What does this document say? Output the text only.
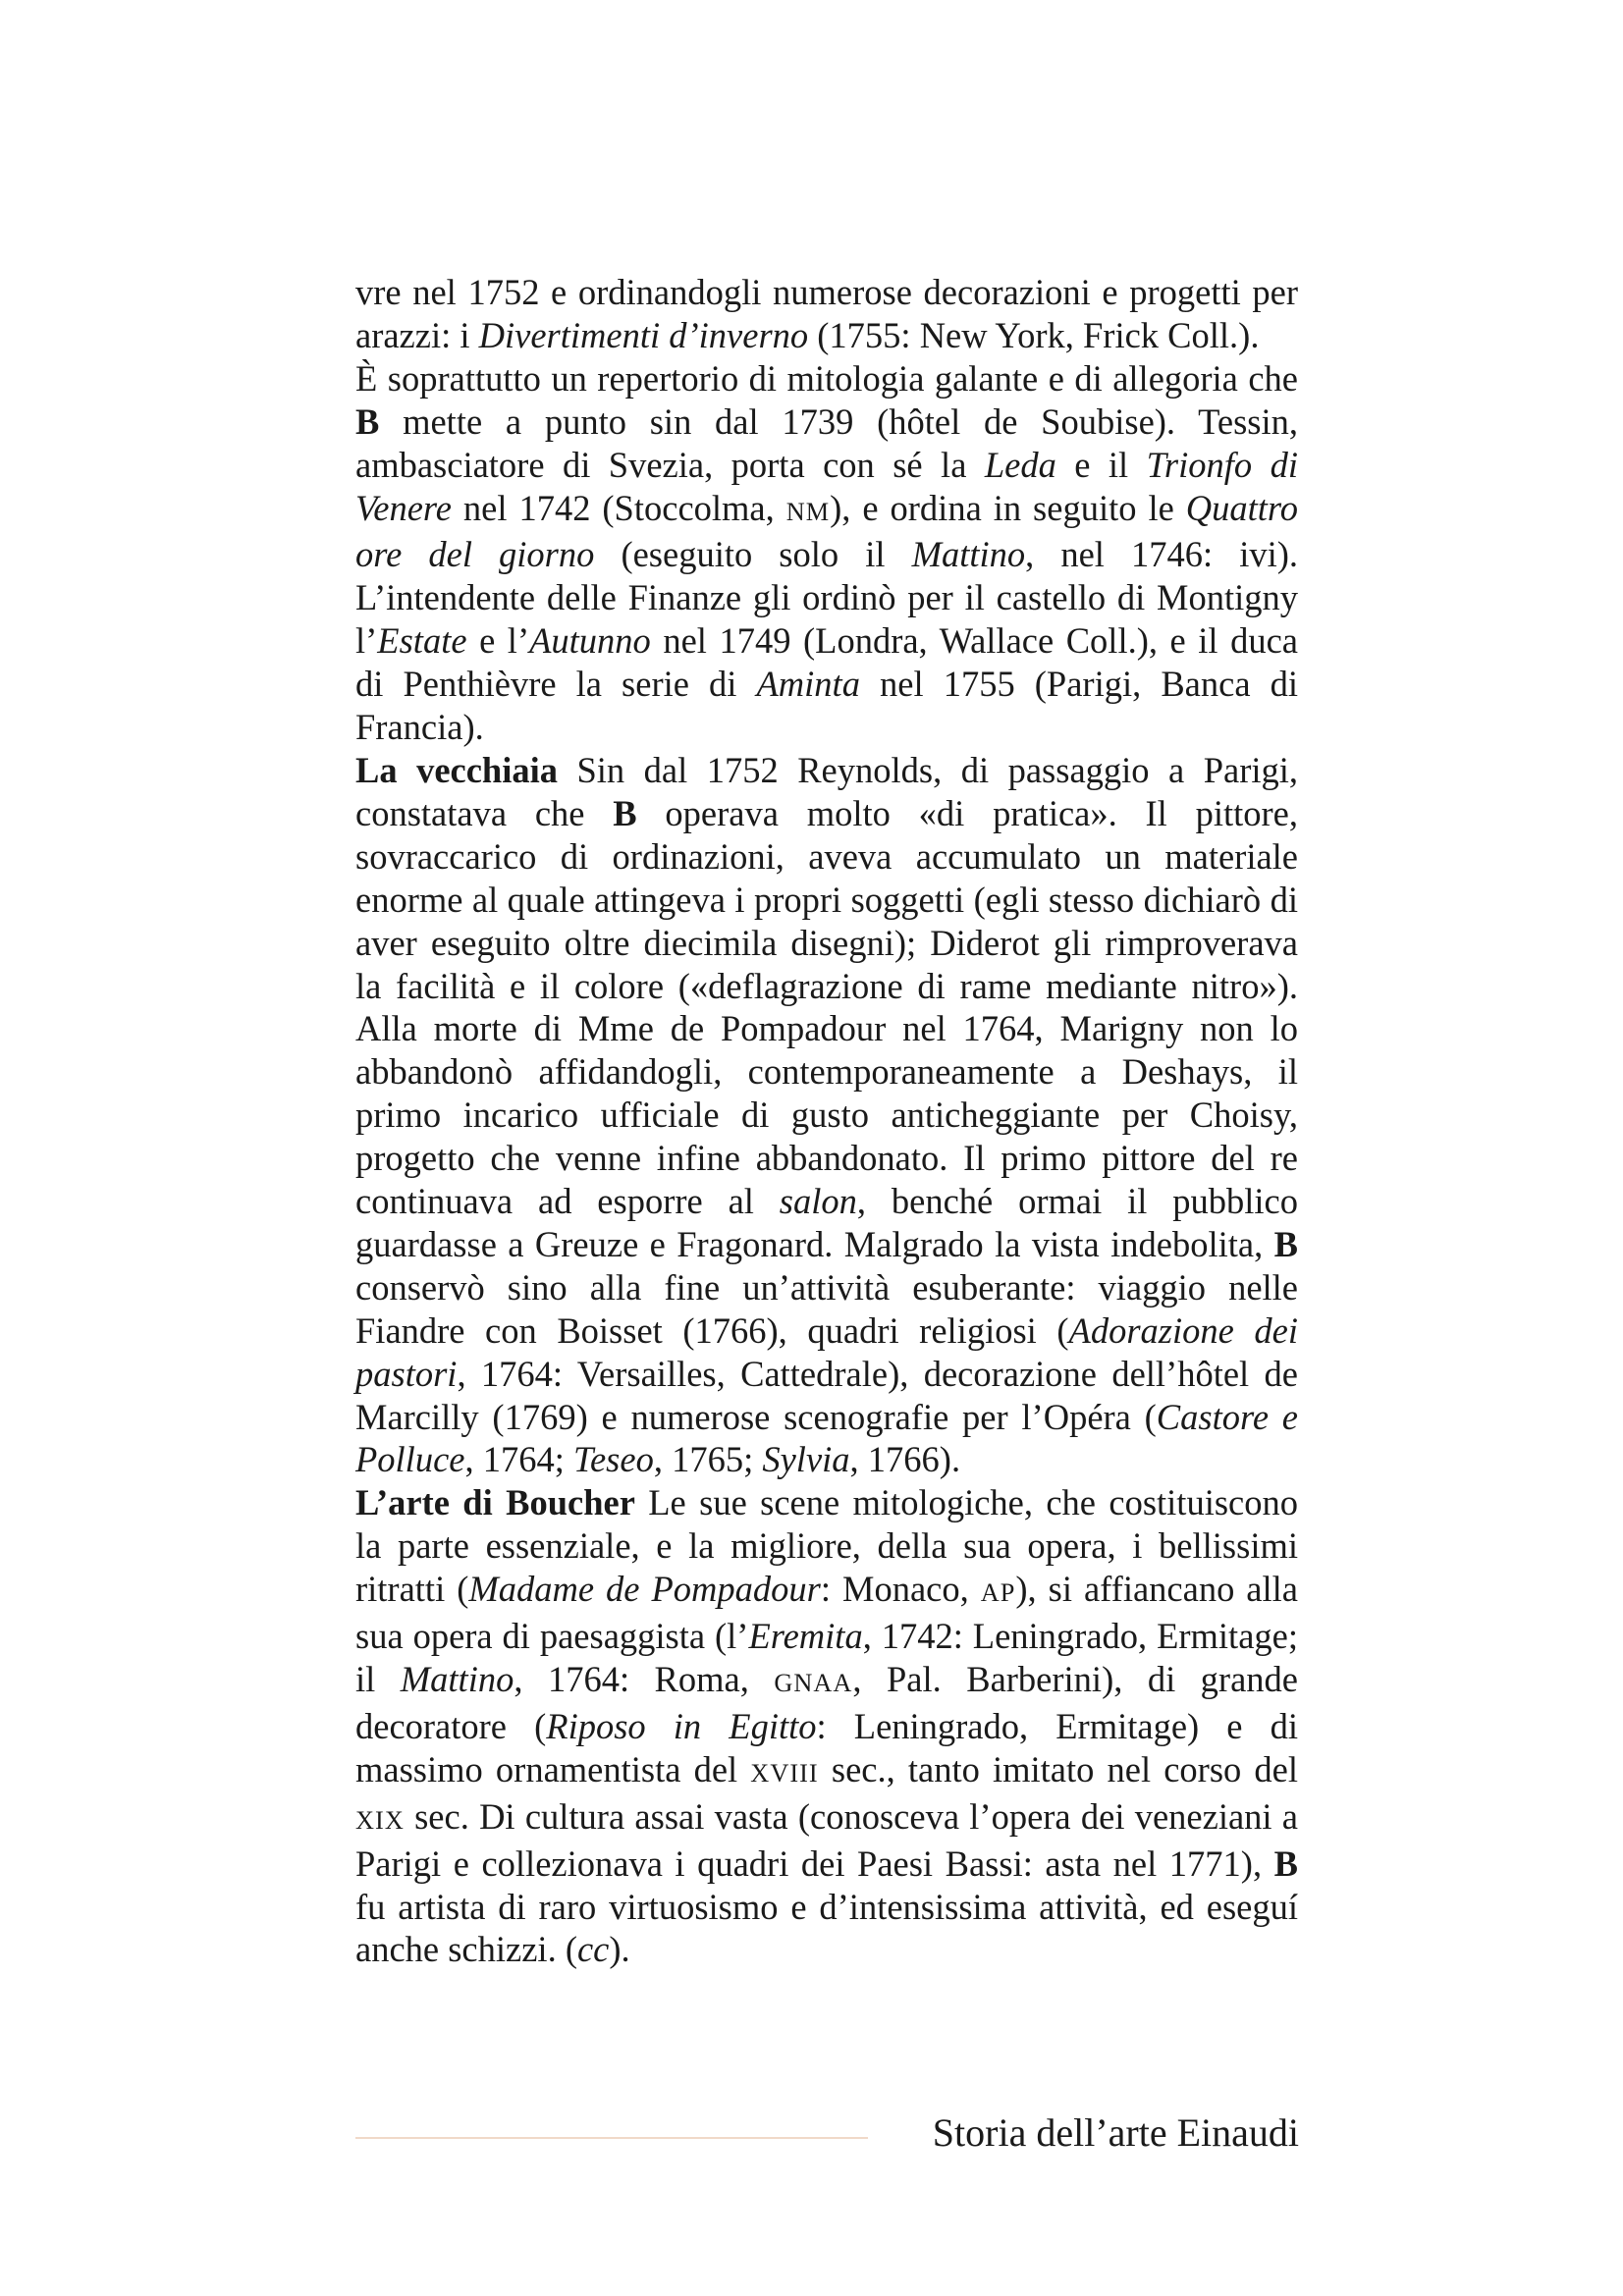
vre nel 1752 e ordinandogli numerose decorazioni e progetti per arazzi: i Divertimenti d’inverno (1755: New York, Frick Coll.).

È soprattutto un repertorio di mitologia galante e di allegoria che B mette a punto sin dal 1739 (hôtel de Soubise). Tessin, ambasciatore di Svezia, porta con sé la Leda e il Trionfo di Venere nel 1742 (Stoccolma, NM), e ordina in seguito le Quattro ore del giorno (eseguito solo il Mattino, nel 1746: ivi). L’intendente delle Finanze gli ordinò per il castello di Montigny l’Estate e l’Autunno nel 1749 (Londra, Wallace Coll.), e il duca di Penthièvre la serie di Aminta nel 1755 (Parigi, Banca di Francia).

La vecchiaia Sin dal 1752 Reynolds, di passaggio a Parigi, constatava che B operava molto «di pratica». Il pittore, sovraccarico di ordinazioni, aveva accumulato un materiale enorme al quale attingeva i propri soggetti (egli stesso dichiarò di aver eseguito oltre diecimila disegni); Diderot gli rimproverava la facilità e il colore («deflagrazione di rame mediante nitro»). Alla morte di Mme de Pompadour nel 1764, Marigny non lo abbandonò affidandogli, contemporaneamente a Deshays, il primo incarico ufficiale di gusto anticheggiante per Choisy, progetto che venne infine abbandonato. Il primo pittore del re continuava ad esporre al salon, benché ormai il pubblico guardasse a Greuze e Fragonard. Malgrado la vista indebolita, B conservò sino alla fine un’attività esuberante: viaggio nelle Fiandre con Boisset (1766), quadri religiosi (Adorazione dei pastori, 1764: Versailles, Cattedrale), decorazione dell’hôtel de Marcilly (1769) e numerose scenografie per l’Opéra (Castore e Polluce, 1764; Teseo, 1765; Sylvia, 1766).

L’arte di Boucher Le sue scene mitologiche, che costituiscono la parte essenziale, e la migliore, della sua opera, i bellissimi ritratti (Madame de Pompadour: Monaco, AP), si affiancano alla sua opera di paesaggista (l’Eremita, 1742: Leningrado, Ermitage; il Mattino, 1764: Roma, GNAA, Pal. Barberini), di grande decoratore (Riposo in Egitto: Leningrado, Ermitage) e di massimo ornamentista del XVIII sec., tanto imitato nel corso del XIX sec. Di cultura assai vasta (conosceva l’opera dei veneziani a Parigi e collezionava i quadri dei Paesi Bassi: asta nel 1771), B fu artista di raro virtuosismo e d’intensissima attività, ed eseguí anche schizzi. (cc).

Storia dell’arte Einaudi
